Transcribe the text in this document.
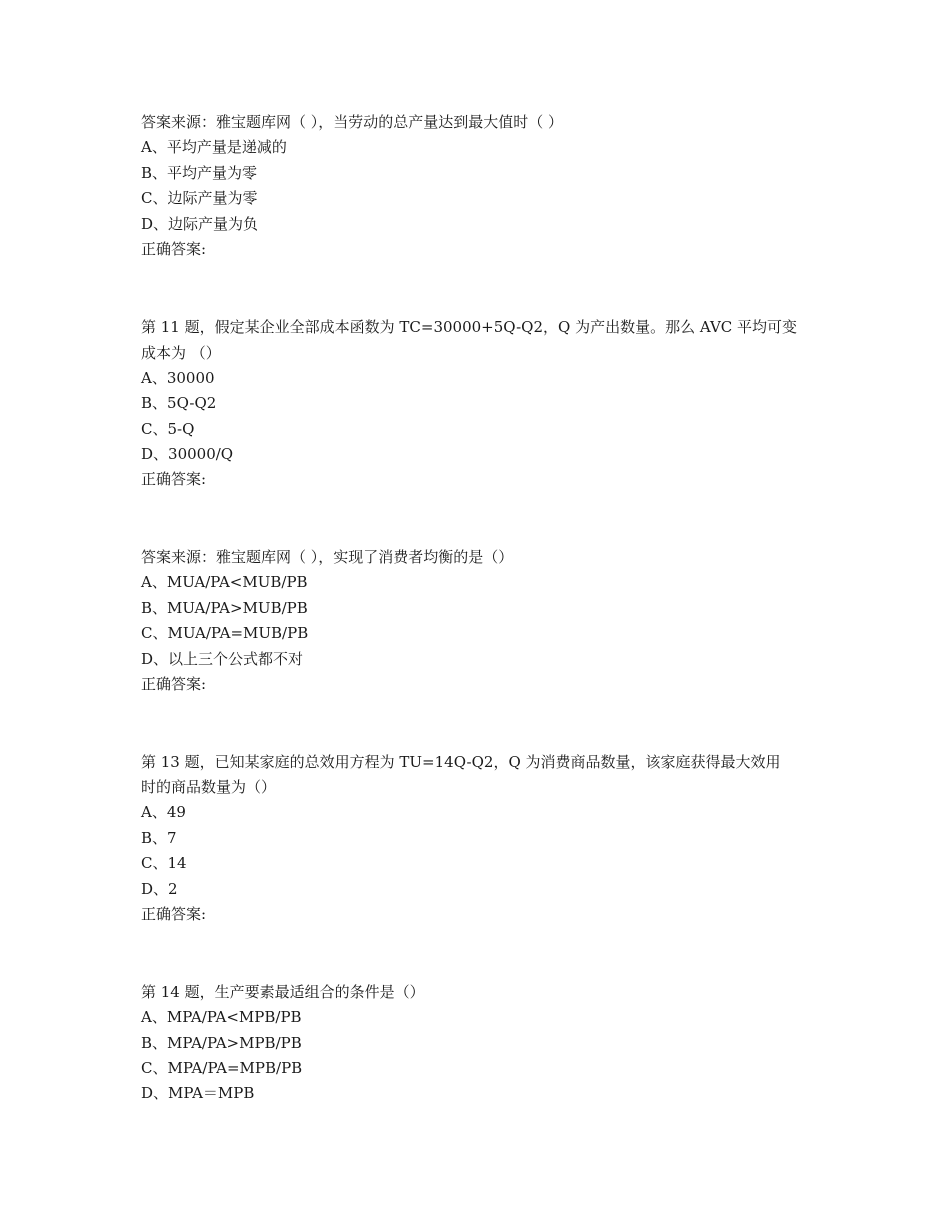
答案来源：雅宝题库网（ ），当劳动的总产量达到最大值时（ ）
A、平均产量是递减的
B、平均产量为零
C、边际产量为零
D、边际产量为负
正确答案:
第 11 题，假定某企业全部成本函数为 TC=30000+5Q-Q2，Q 为产出数量。那么 AVC 平均可变
成本为 （）
A、30000
B、5Q-Q2
C、5-Q
D、30000/Q
正确答案:
答案来源：雅宝题库网（ ），实现了消费者均衡的是（）
A、MUA/PA<MUB/PB
B、MUA/PA>MUB/PB
C、MUA/PA=MUB/PB
D、以上三个公式都不对
正确答案:
第 13 题，已知某家庭的总效用方程为 TU=14Q-Q2，Q 为消费商品数量，该家庭获得最大效用
时的商品数量为（）
A、49
B、7
C、14
D、2
正确答案:
第 14 题，生产要素最适组合的条件是（）
A、MPA/PA<MPB/PB
B、MPA/PA>MPB/PB
C、MPA/PA=MPB/PB
D、MPA＝MPB
